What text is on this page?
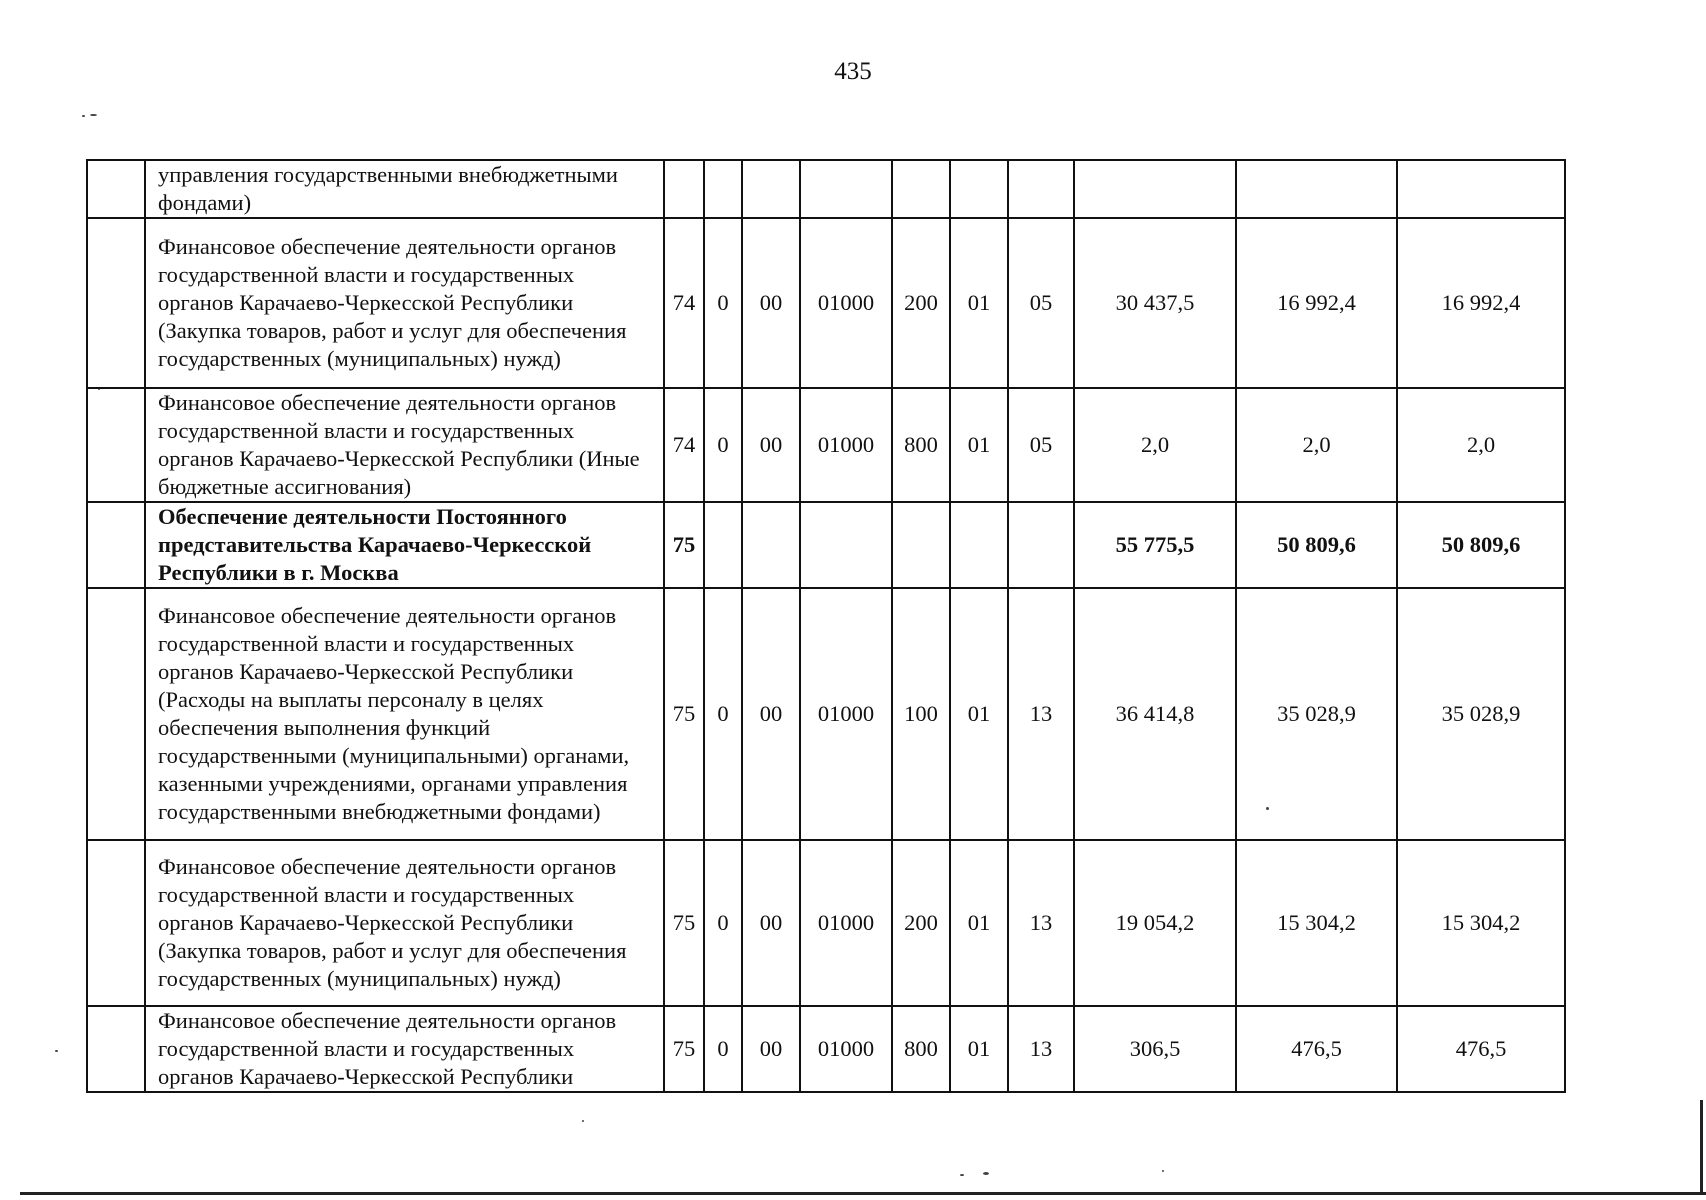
435
	управления государственными внебюджетными фондами)										
	Финансовое обеспечение деятельности органов государственной власти и государственных органов Карачаево-Черкесской Республики (Закупка товаров, работ и услуг для обеспечения государственных (муниципальных) нужд)	74	0	00	01000	200	01	05	30 437,5	16 992,4	16 992,4
	Финансовое обеспечение деятельности органов государственной власти и государственных органов Карачаево-Черкесской Республики (Иные бюджетные ассигнования)	74	0	00	01000	800	01	05	2,0	2,0	2,0
	Обеспечение деятельности Постоянного представительства Карачаево-Черкесской Республики в г. Москва	75							55 775,5	50 809,6	50 809,6
	Финансовое обеспечение деятельности органов государственной власти и государственных органов Карачаево-Черкесской Республики (Расходы на выплаты персоналу в целях обеспечения выполнения функций государственными (муниципальными) органами, казенными учреждениями, органами управления государственными внебюджетными фондами)	75	0	00	01000	100	01	13	36 414,8	35 028,9	35 028,9
	Финансовое обеспечение деятельности органов государственной власти и государственных органов Карачаево-Черкесской Республики (Закупка товаров, работ и услуг для обеспечения государственных (муниципальных) нужд)	75	0	00	01000	200	01	13	19 054,2	15 304,2	15 304,2
	Финансовое обеспечение деятельности органов государственной власти и государственных органов Карачаево-Черкесской Республики	75	0	00	01000	800	01	13	306,5	476,5	476,5
